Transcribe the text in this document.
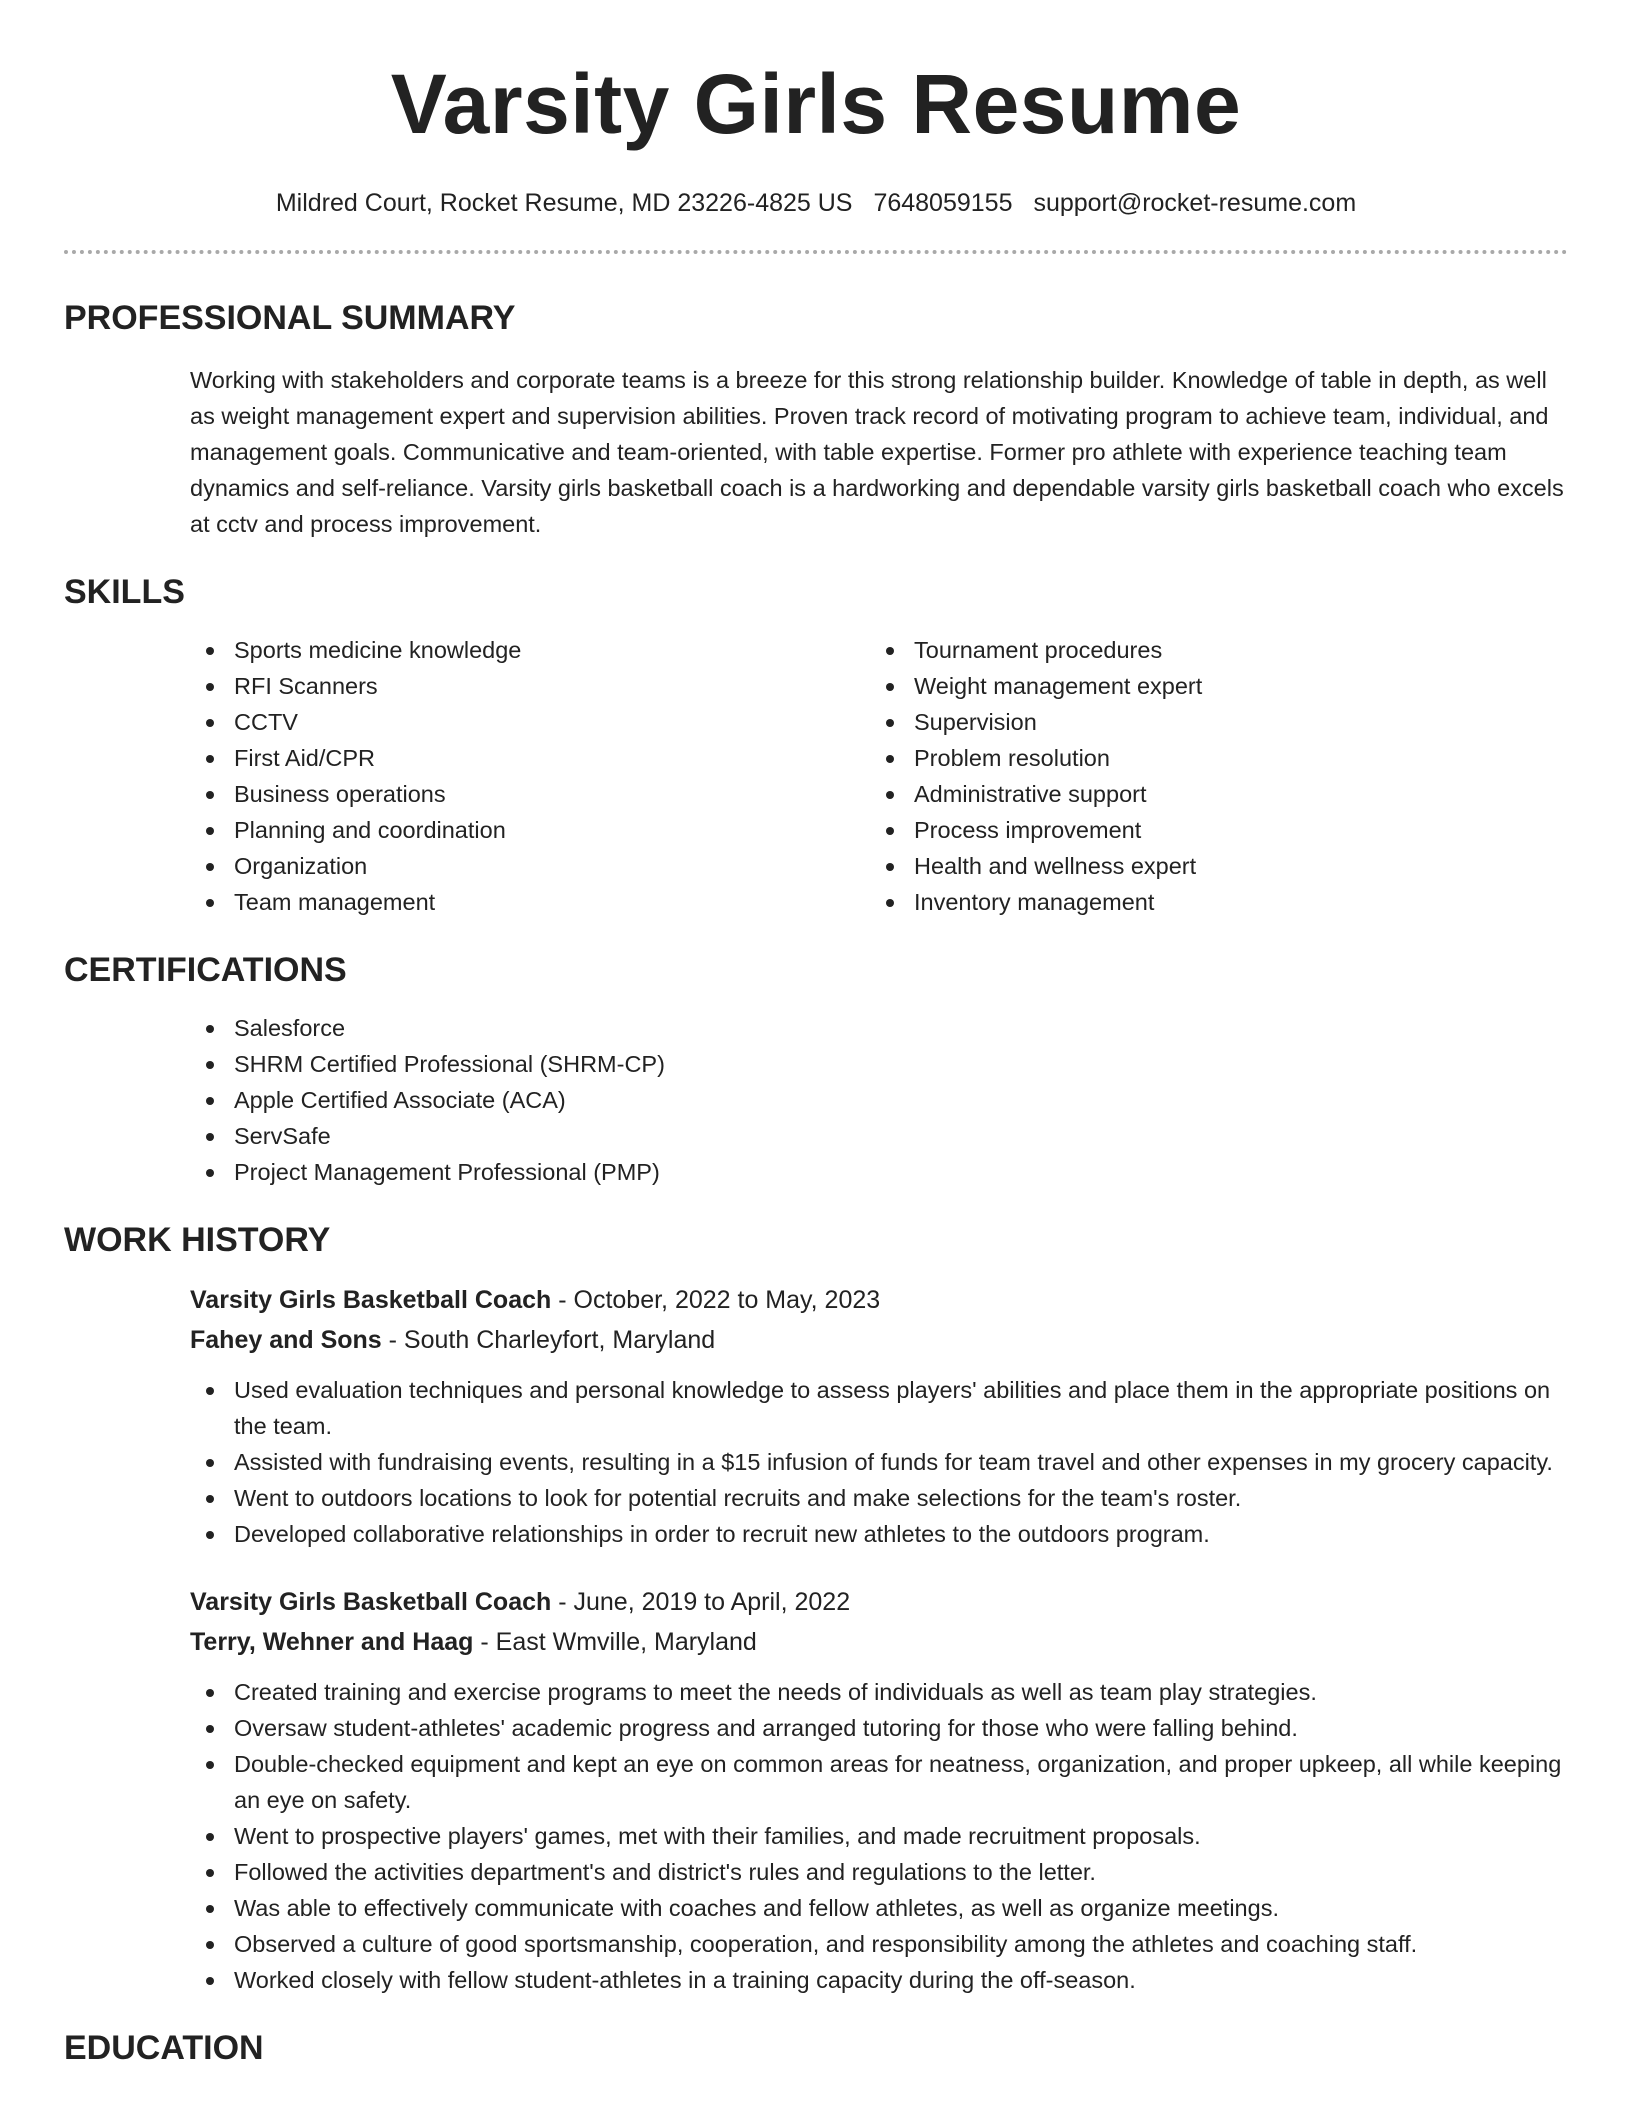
Varsity Girls Resume
Mildred Court, Rocket Resume, MD 23226-4825 US 7648059155 support@rocket-resume.com
PROFESSIONAL SUMMARY

Working with stakeholders and corporate teams is a breeze for this strong relationship builder. Knowledge of table in depth, as well as weight management expert and supervision abilities. Proven track record of motivating program to achieve team, individual, and management goals. Communicative and team-oriented, with table expertise. Former pro athlete with experience teaching team dynamics and self-reliance. Varsity girls basketball coach is a hardworking and dependable varsity girls basketball coach who excels at cctv and process improvement.

SKILLS
Sports medicine knowledge
RFI Scanners
CCTV
First Aid/CPR
Business operations
Planning and coordination
Organization
Team management
Tournament procedures
Weight management expert
Supervision
Problem resolution
Administrative support
Process improvement
Health and wellness expert
Inventory management
CERTIFICATIONS
Salesforce
SHRM Certified Professional (SHRM-CP)
Apple Certified Associate (ACA)
ServSafe
Project Management Professional (PMP)
WORK HISTORY
Varsity Girls Basketball Coach - October, 2022 to May, 2023
Fahey and Sons - South Charleyfort, Maryland
Used evaluation techniques and personal knowledge to assess players' abilities and place them in the appropriate positions on the team.
Assisted with fundraising events, resulting in a $15 infusion of funds for team travel and other expenses in my grocery capacity.
Went to outdoors locations to look for potential recruits and make selections for the team's roster.
Developed collaborative relationships in order to recruit new athletes to the outdoors program.
Varsity Girls Basketball Coach - June, 2019 to April, 2022
Terry, Wehner and Haag - East Wmville, Maryland
Created training and exercise programs to meet the needs of individuals as well as team play strategies.
Oversaw student-athletes' academic progress and arranged tutoring for those who were falling behind.
Double-checked equipment and kept an eye on common areas for neatness, organization, and proper upkeep, all while keeping an eye on safety.
Went to prospective players' games, met with their families, and made recruitment proposals.
Followed the activities department's and district's rules and regulations to the letter.
Was able to effectively communicate with coaches and fellow athletes, as well as organize meetings.
Observed a culture of good sportsmanship, cooperation, and responsibility among the athletes and coaching staff.
Worked closely with fellow student-athletes in a training capacity during the off-season.
EDUCATION
